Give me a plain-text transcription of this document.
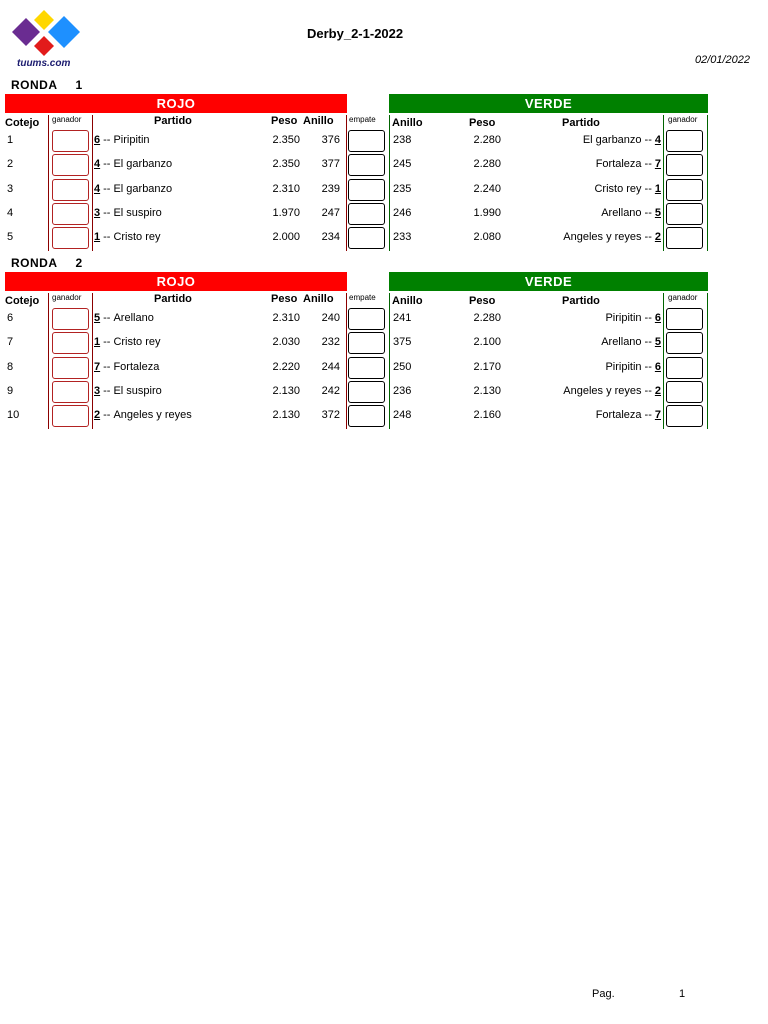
tuums.com
Derby_2-1-2022
02/01/2022
RONDA 1
ROJO	VERDE
Cotejo ganador	Partido	Peso Anillo empate Anillo	Peso	Partido	ganador
1	6 -- Piripitin	2.350	376	238	2.280	El garbanzo -- 4
2	4 -- El garbanzo	2.350	377	245	2.280	Fortaleza -- 7
3	4 -- El garbanzo	2.310	239	235	2.240	Cristo rey -- 1
4	3 -- El suspiro	1.970	247	246	1.990	Arellano -- 5
5	1 -- Cristo rey	2.000	234	233	2.080	Angeles y reyes -- 2
RONDA 2
ROJO	VERDE
Cotejo ganador	Partido	Peso Anillo empate Anillo	Peso	Partido	ganador
6	5 -- Arellano	2.310	240	241	2.280	Piripitin -- 6
7	1 -- Cristo rey	2.030	232	375	2.100	Arellano -- 5
8	7 -- Fortaleza	2.220	244	250	2.170	Piripitin -- 6
9	3 -- El suspiro	2.130	242	236	2.130	Angeles y reyes -- 2
10	2 -- Angeles y reyes	2.130	372	248	2.160	Fortaleza -- 7
Pag.	1
